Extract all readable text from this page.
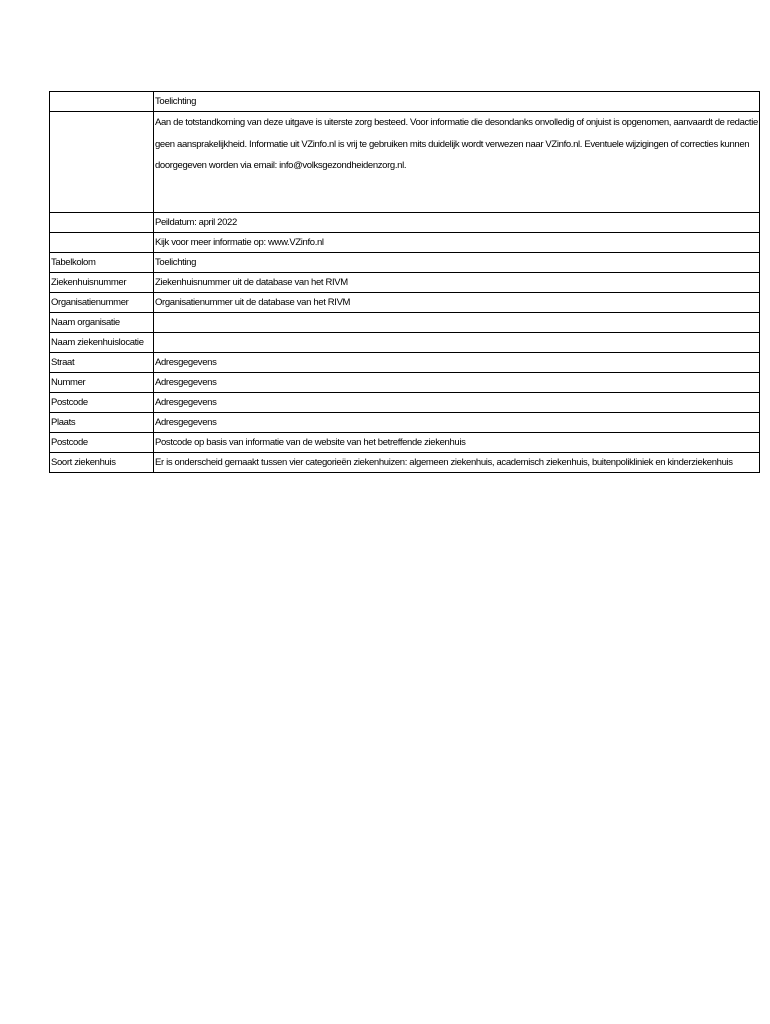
	Toelichting
	Aan de totstandkoming van deze uitgave is uiterste zorg besteed. Voor informatie die desondanks onvolledig of onjuist is opgenomen, aanvaardt de redactie geen aansprakelijkheid. Informatie uit VZinfo.nl is vrij te gebruiken mits duidelijk wordt verwezen naar VZinfo.nl. Eventuele wijzigingen of correcties kunnen doorgegeven worden via email: info@volksgezondheidenzorg.nl.
	Peildatum: april 2022
	Kijk voor meer informatie op: www.VZinfo.nl
Tabelkolom	Toelichting
Ziekenhuisnummer	Ziekenhuisnummer uit de database van het RIVM
Organisatienummer	Organisatienummer uit de database van het RIVM
Naam organisatie	
Naam ziekenhuislocatie	
Straat	Adresgegevens
Nummer	Adresgegevens
Postcode	Adresgegevens
Plaats	Adresgegevens
Postcode	Postcode op basis van informatie van de website van het betreffende ziekenhuis
Soort ziekenhuis	Er is onderscheid gemaakt tussen vier categorieën ziekenhuizen: algemeen ziekenhuis, academisch ziekenhuis, buitenpolikliniek en kinderziekenhuis
